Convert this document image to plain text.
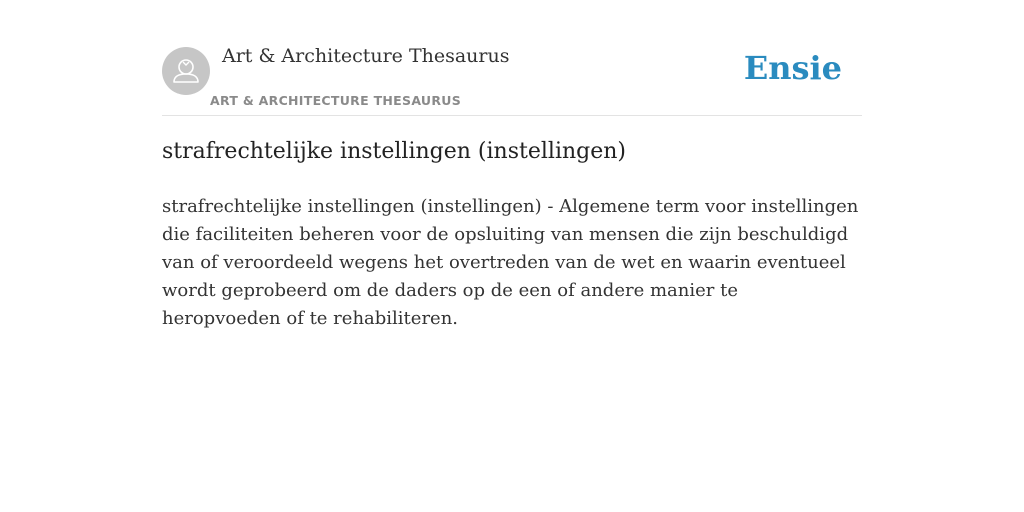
Art & Architecture Thesaurus
ART & ARCHITECTURE THESAURUS
Ensie
strafrechtelijke instellingen (instellingen)

strafrechtelijke instellingen (instellingen) - Algemene term voor instellingen die faciliteiten beheren voor de opsluiting van mensen die zijn beschuldigd van of veroordeeld wegens het overtreden van de wet en waarin eventueel wordt geprobeerd om de daders op de een of andere manier te heropvoeden of te rehabiliteren.
